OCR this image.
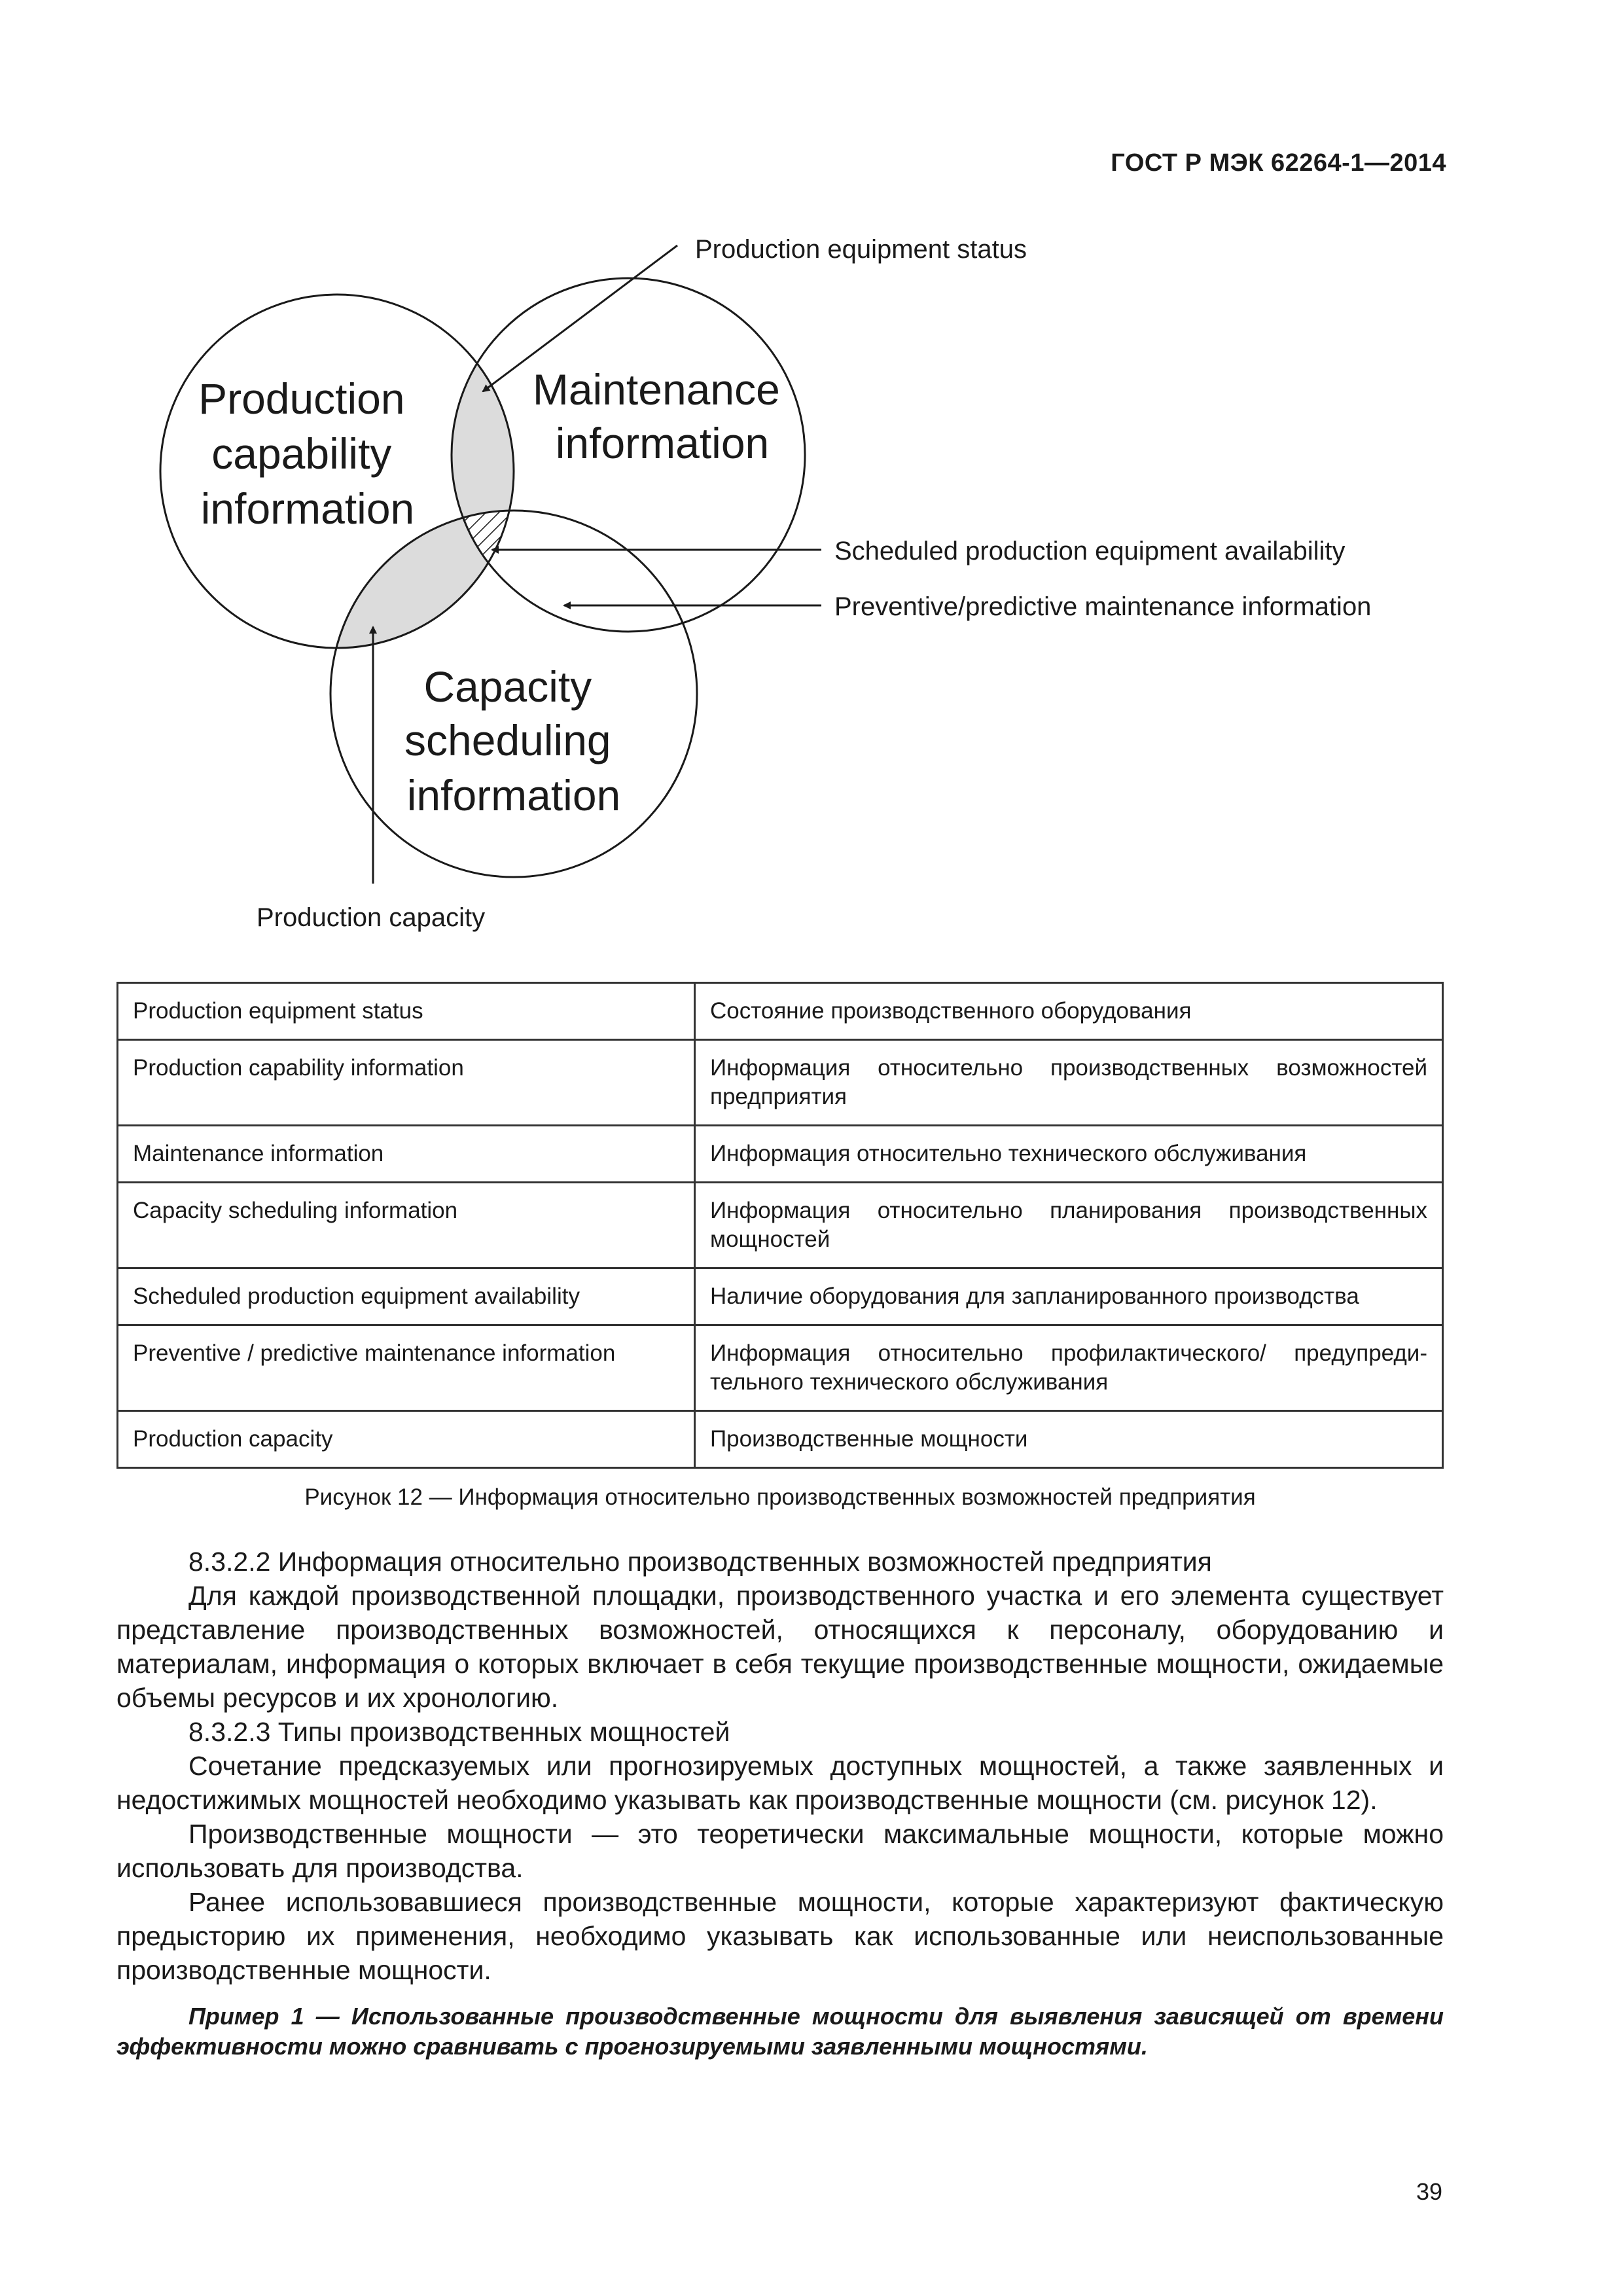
ГОСТ Р МЭК 62264-1—2014
Production capability information
Maintenance information
Capacity scheduling information
Production equipment status
Scheduled production equipment availability
Preventive/predictive maintenance information
Production capacity
Production equipment status	Состояние производственного оборудования
Production capability information	Информация относительно производственных возможностей предприятия
Maintenance information	Информация относительно технического обслуживания
Capacity scheduling information	Информация относительно планирования производственных мощностей
Scheduled production equipment availability	Наличие оборудования для запланированного производства
Preventive / predictive maintenance information	Информация относительно профилактического/ предупреди-тельного технического обслуживания
Production capacity	Производственные мощности
Рисунок 12 — Информация относительно производственных возможностей предприятия

8.3.2.2 Информация относительно производственных возможностей предприятия

Для каждой производственной площадки, производственного участка и его элемента существует представление производственных возможностей, относящихся к персоналу, оборудованию и материалам, информация о которых включает в себя текущие производственные мощности, ожидаемые объемы ресурсов и их хронологию.

8.3.2.3 Типы производственных мощностей

Сочетание предсказуемых или прогнозируемых доступных мощностей, а также заявленных и недостижимых мощностей необходимо указывать как производственные мощности (см. рисунок 12).

Производственные мощности — это теоретически максимальные мощности, которые можно использовать для производства.

Ранее использовавшиеся производственные мощности, которые характеризуют фактическую предысторию их применения, необходимо указывать как использованные или неиспользованные производственные мощности.

Пример 1 — Использованные производственные мощности для выявления зависящей от времени эффективности можно сравнивать с прогнозируемыми заявленными мощностями.

39
